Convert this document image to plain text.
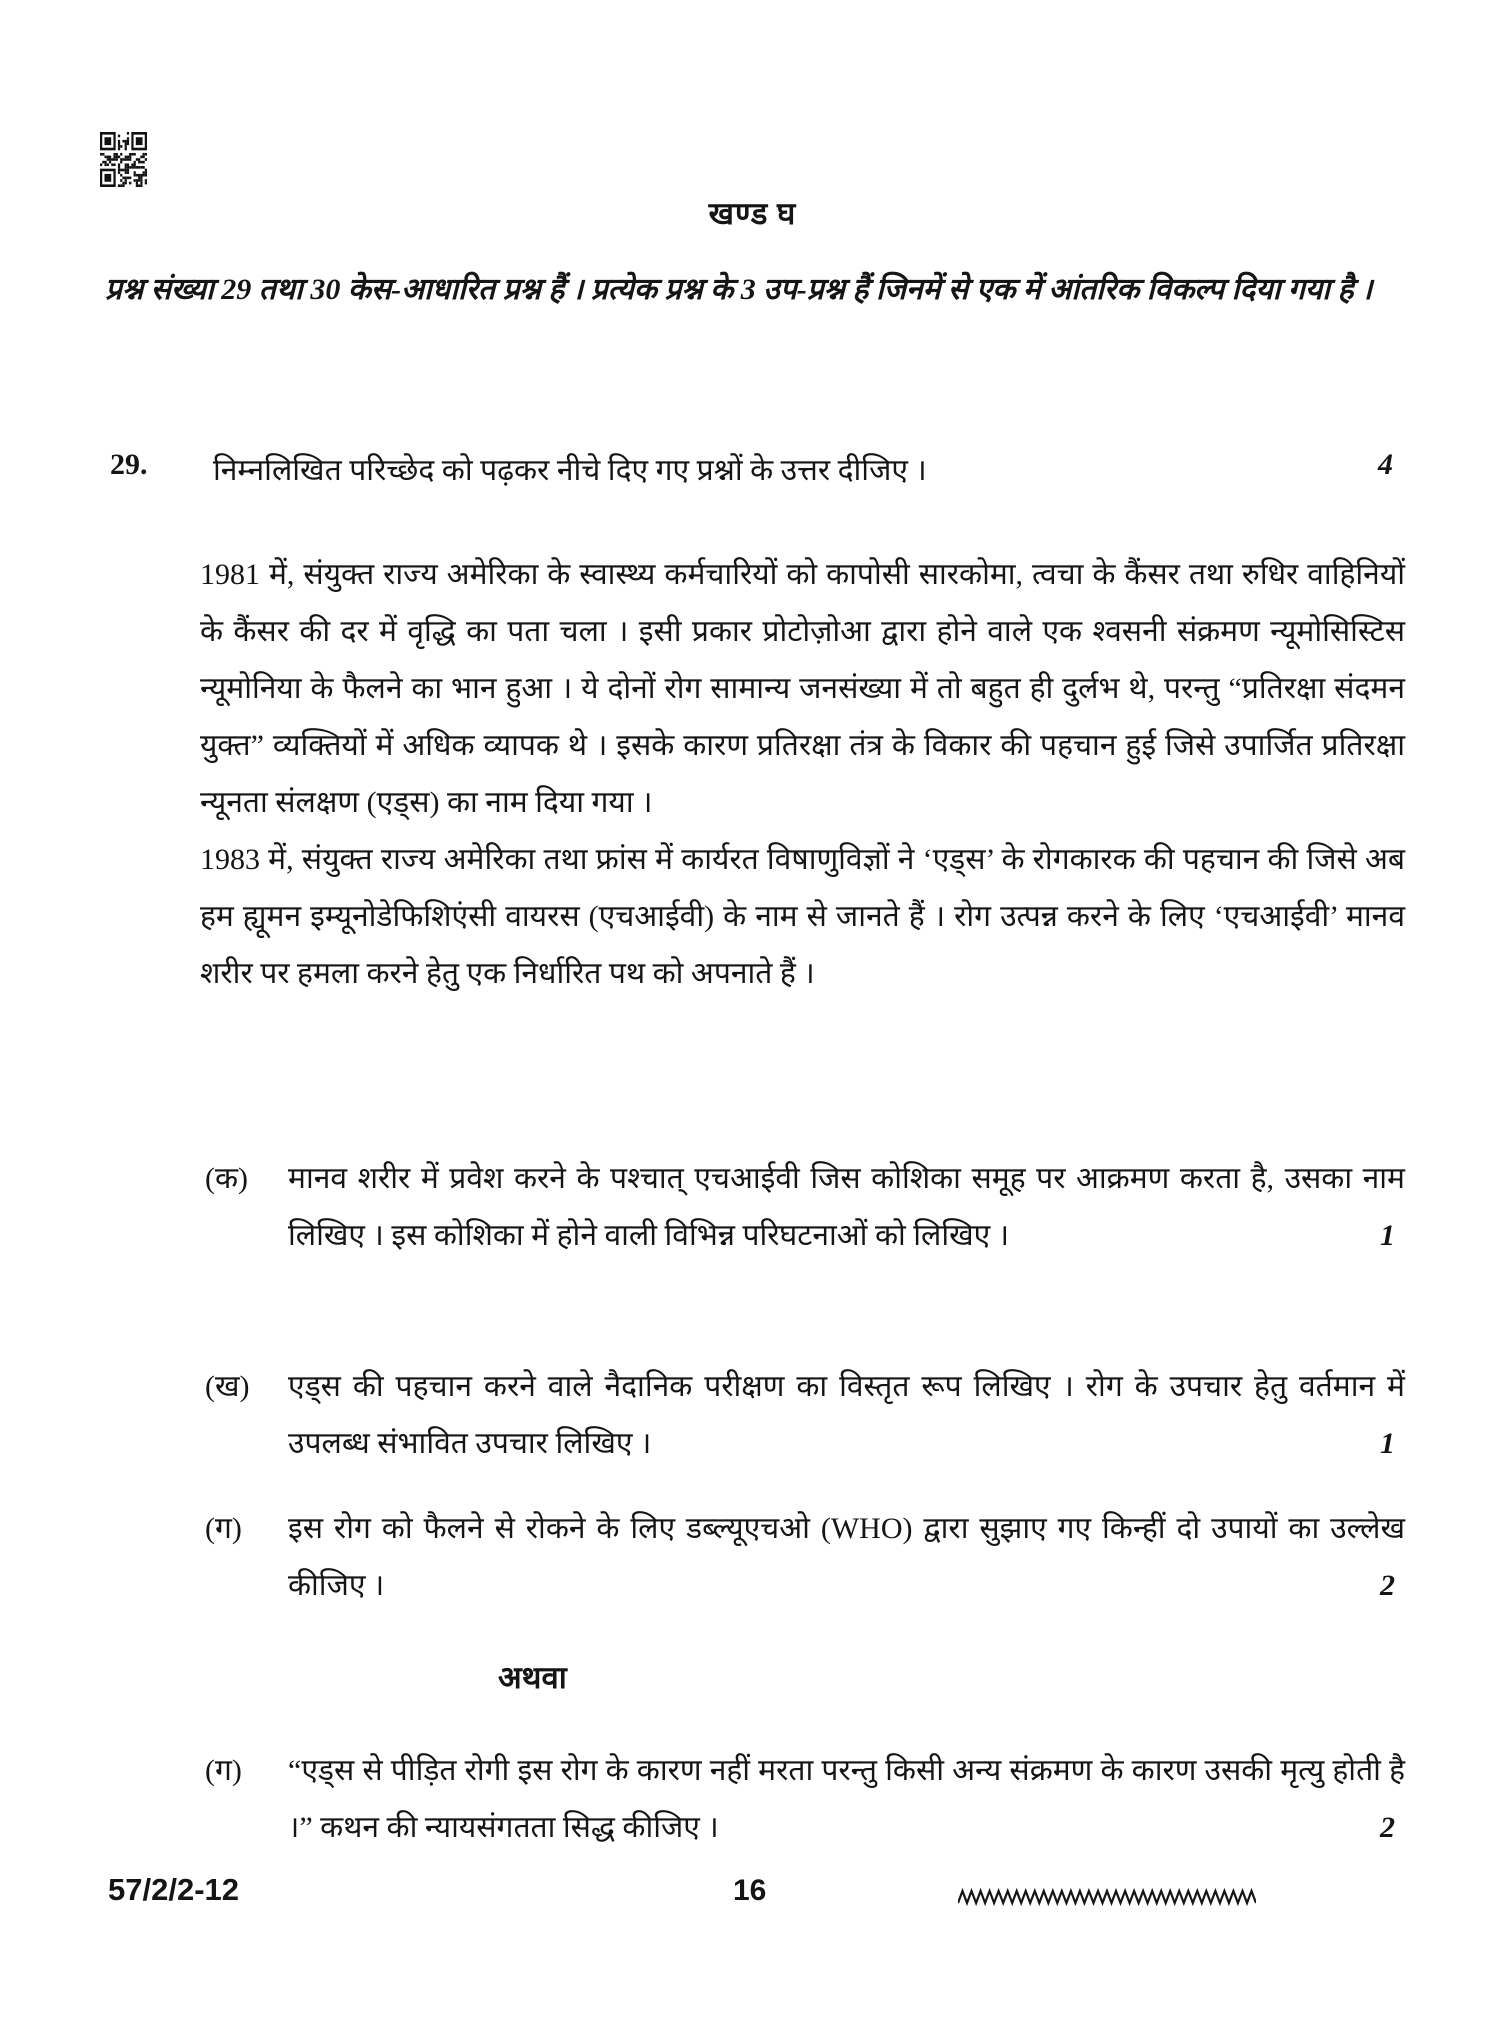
खण्ड घ
प्रश्न संख्या 29 तथा 30 केस-आधारित प्रश्न हैं । प्रत्येक प्रश्न के 3 उप-प्रश्न हैं जिनमें से एक में आंतरिक विकल्प दिया गया है ।
29. निम्नलिखित परिच्छेद को पढ़कर नीचे दिए गए प्रश्नों के उत्तर दीजिए ।	4

1981 में, संयुक्त राज्य अमेरिका के स्वास्थ्य कर्मचारियों को कापोसी सारकोमा, त्वचा के कैंसर तथा रुधिर वाहिनियों के कैंसर की दर में वृद्धि का पता चला । इसी प्रकार प्रोटोज़ोआ द्वारा होने वाले एक श्वसनी संक्रमण न्यूमोसिस्टिस न्यूमोनिया के फैलने का भान हुआ । ये दोनों रोग सामान्य जनसंख्या में तो बहुत ही दुर्लभ थे, परन्तु “प्रतिरक्षा संदमन युक्त” व्यक्तियों में अधिक व्यापक थे । इसके कारण प्रतिरक्षा तंत्र के विकार की पहचान हुई जिसे उपार्जित प्रतिरक्षा न्यूनता संलक्षण (एड्स) का नाम दिया गया ।

1983 में, संयुक्त राज्य अमेरिका तथा फ्रांस में कार्यरत विषाणुविज्ञों ने ‘एड्स’ के रोगकारक की पहचान की जिसे अब हम ह्यूमन इम्यूनोडेफिशिएंसी वायरस (एचआईवी) के नाम से जानते हैं । रोग उत्पन्न करने के लिए ‘एचआईवी’ मानव शरीर पर हमला करने हेतु एक निर्धारित पथ को अपनाते हैं ।

(क) मानव शरीर में प्रवेश करने के पश्चात् एचआईवी जिस कोशिका समूह पर आक्रमण करता है, उसका नाम लिखिए । इस कोशिका में होने वाली विभिन्न परिघटनाओं को लिखिए ।	1
(ख) एड्स की पहचान करने वाले नैदानिक परीक्षण का विस्तृत रूप लिखिए । रोग के उपचार हेतु वर्तमान में उपलब्ध संभावित उपचार लिखिए ।	1
(ग) इस रोग को फैलने से रोकने के लिए डब्ल्यूएचओ (WHO) द्वारा सुझाए गए किन्हीं दो उपायों का उल्लेख कीजिए ।	2
अथवा
(ग) “एड्स से पीड़ित रोगी इस रोग के कारण नहीं मरता परन्तु किसी अन्य संक्रमण के कारण उसकी मृत्यु होती है ।” कथन की न्यायसंगतता सिद्ध कीजिए ।	2
57/2/2-12	16
